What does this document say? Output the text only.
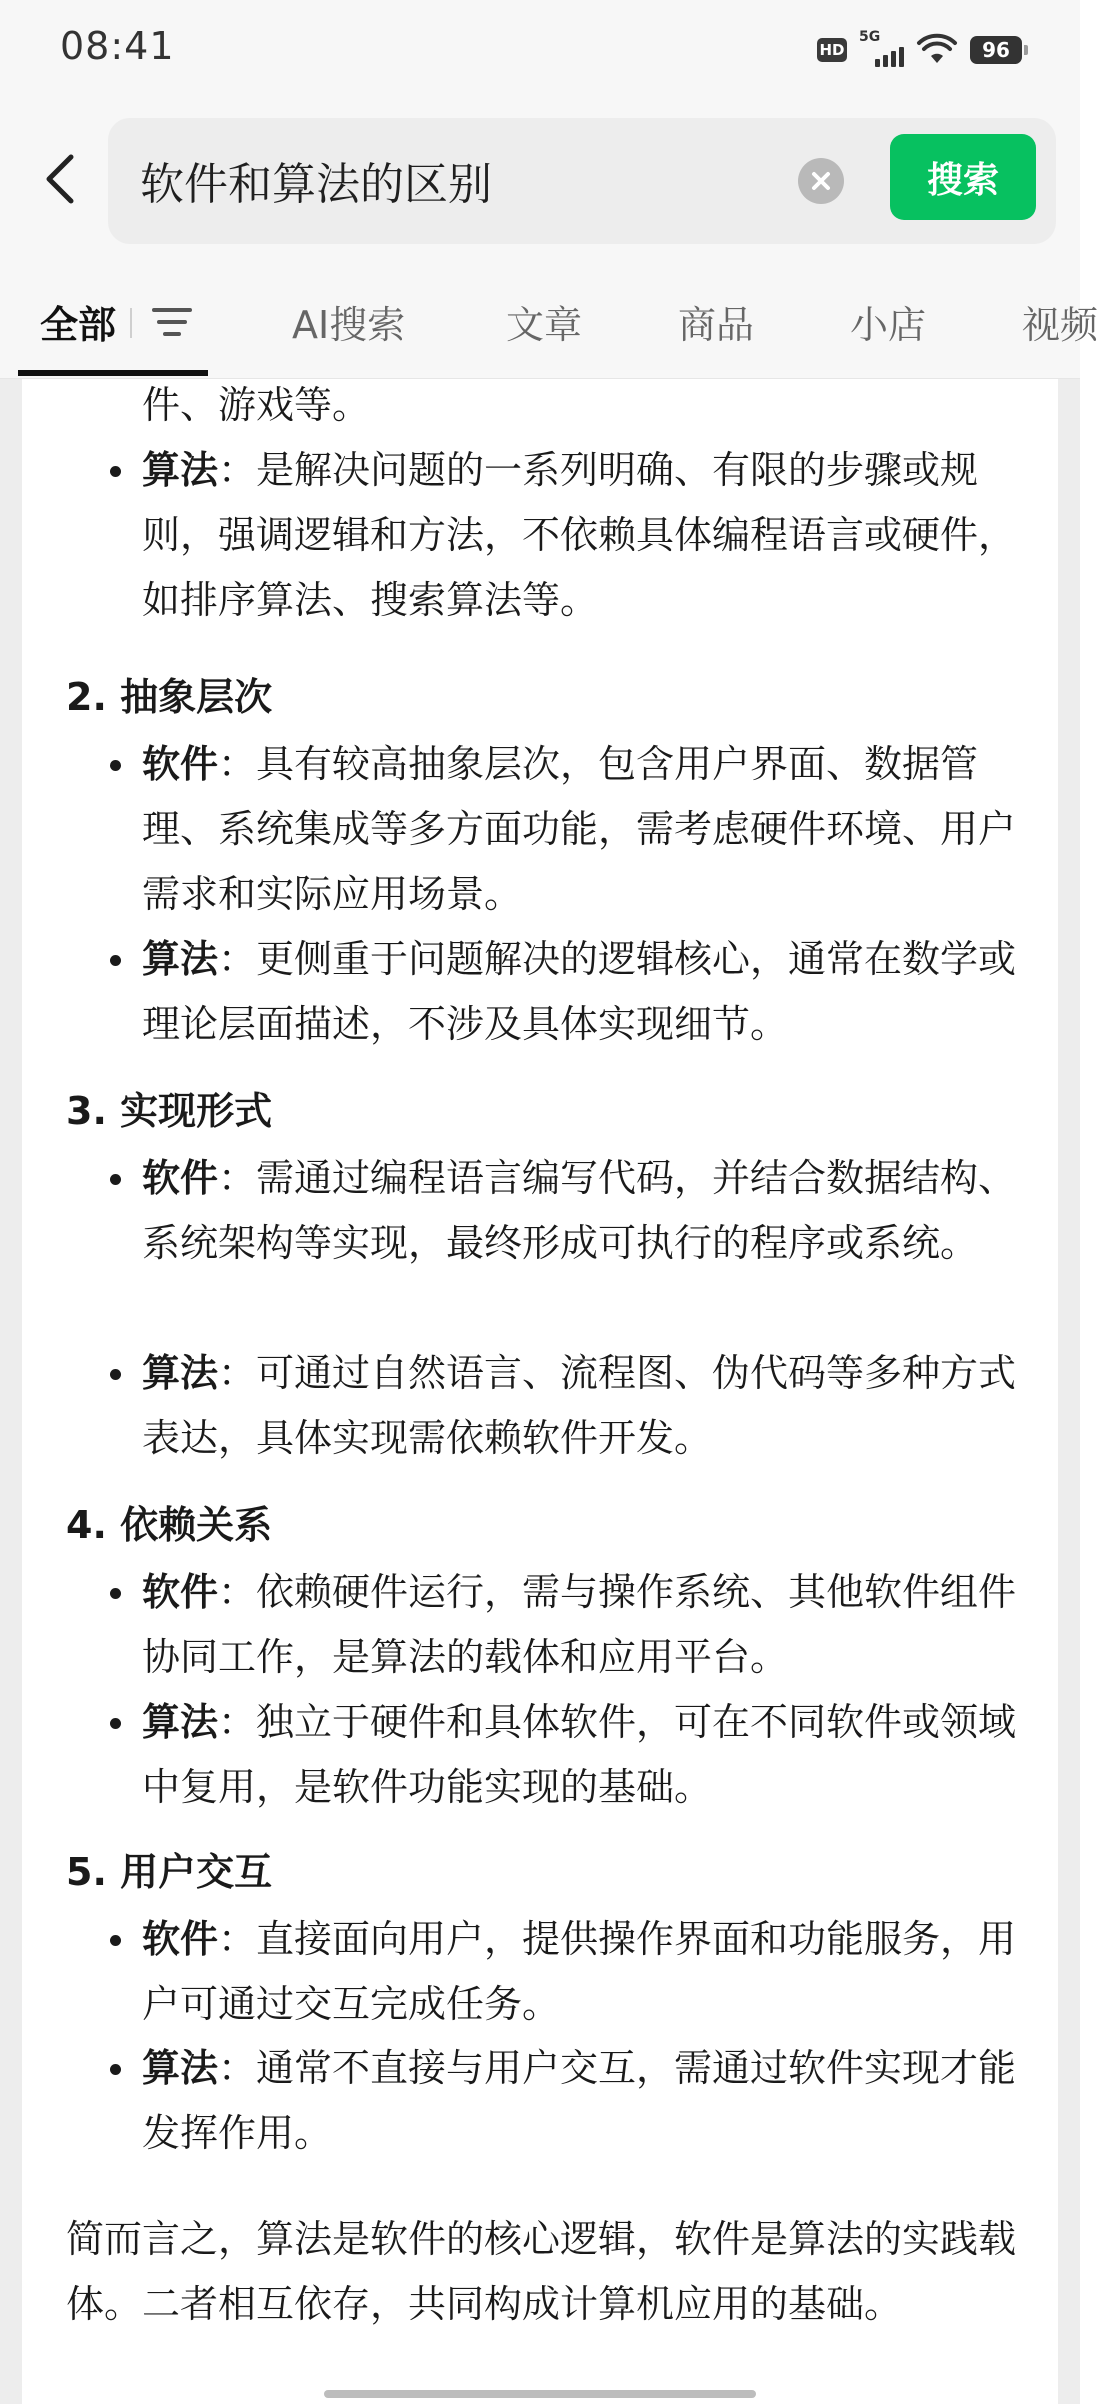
08:41	HD
5G
96
软件和算法的区别
搜索
全部	AI搜索	文章	商品	小店	视频
件、游戏等。
算法：是解决问题的一系列明确、有限的步骤或规则，强调逻辑和方法，不依赖具体编程语言或硬件，如排序算法、搜索算法等。
2. 抽象层次
软件：具有较高抽象层次，包含用户界面、数据管理、系统集成等多方面功能，需考虑硬件环境、用户需求和实际应用场景。
算法：更侧重于问题解决的逻辑核心，通常在数学或理论层面描述，不涉及具体实现细节。
3. 实现形式
软件：需通过编程语言编写代码，并结合数据结构、系统架构等实现，最终形成可执行的程序或系统。
算法：可通过自然语言、流程图、伪代码等多种方式表达，具体实现需依赖软件开发。
4. 依赖关系
软件：依赖硬件运行，需与操作系统、其他软件组件协同工作，是算法的载体和应用平台。
算法：独立于硬件和具体软件，可在不同软件或领域中复用，是软件功能实现的基础。
5. 用户交互
软件：直接面向用户，提供操作界面和功能服务，用户可通过交互完成任务。
算法：通常不直接与用户交互，需通过软件实现才能发挥作用。
简而言之，算法是软件的核心逻辑，软件是算法的实践载体。二者相互依存，共同构成计算机应用的基础。
